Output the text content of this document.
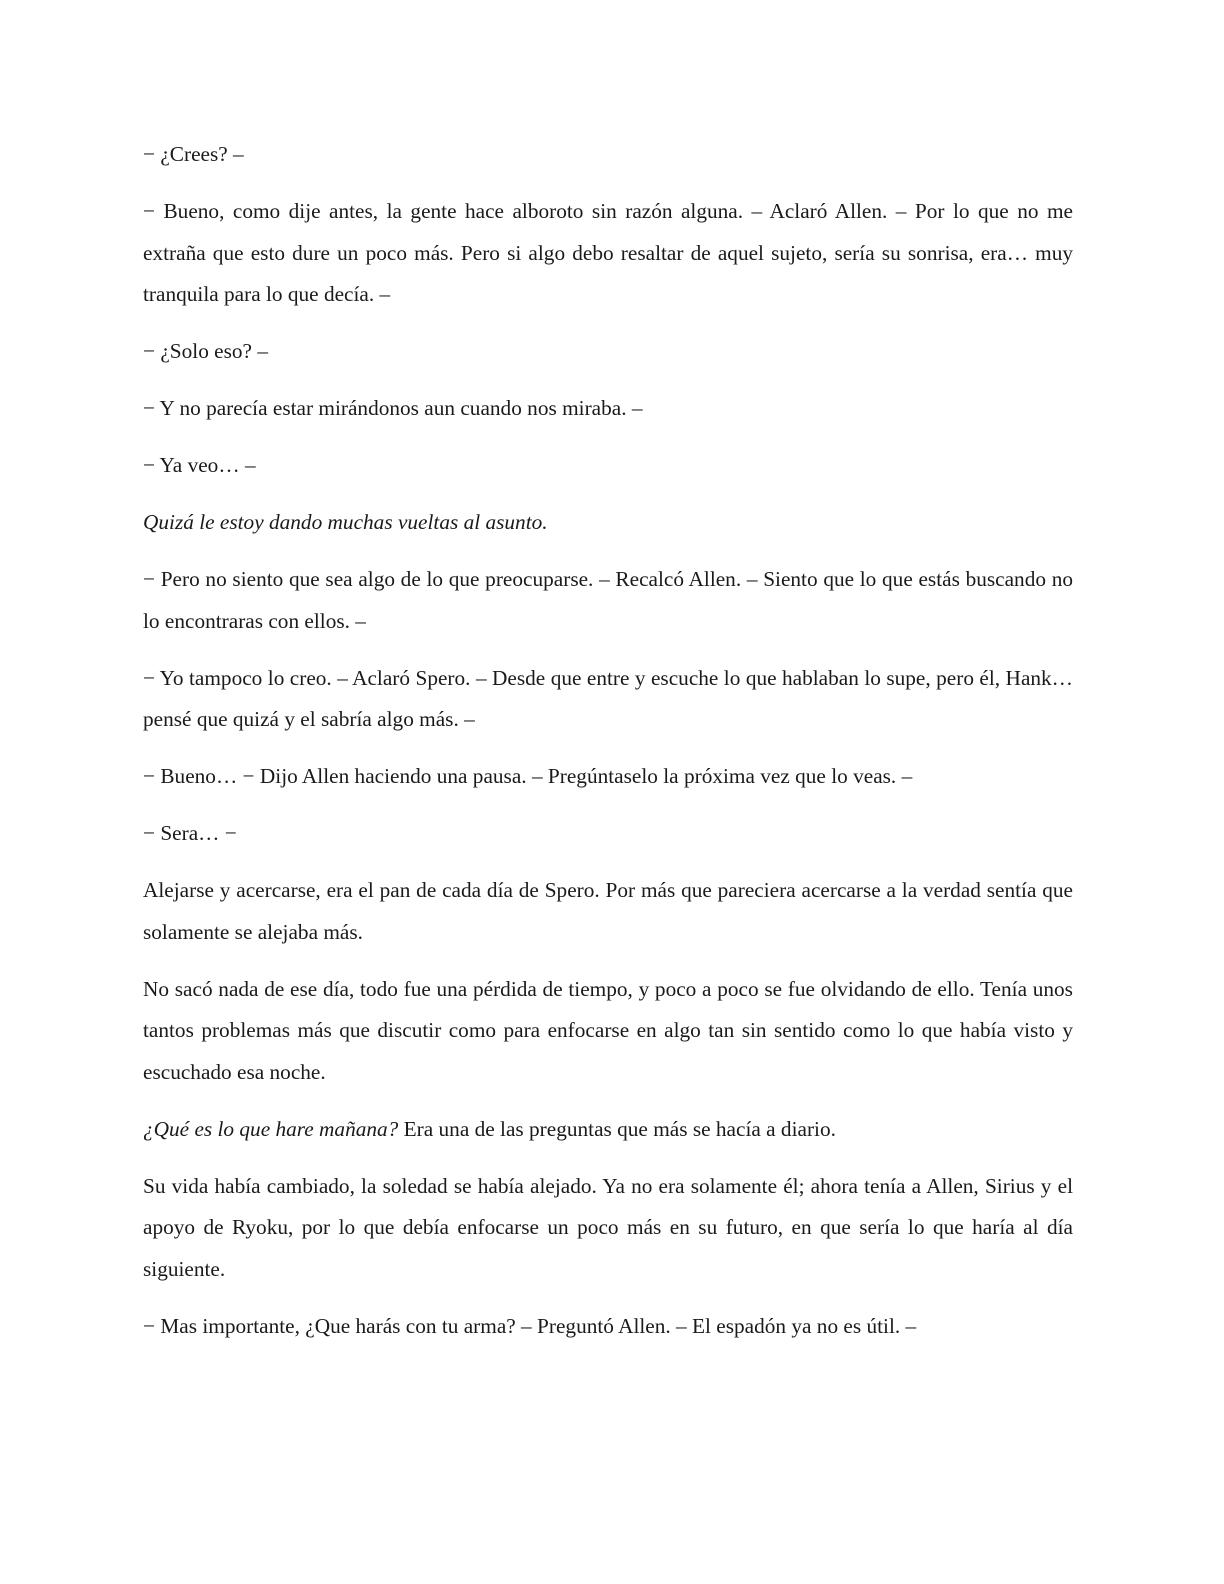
− ¿Crees? –

− Bueno, como dije antes, la gente hace alboroto sin razón alguna. – Aclaró Allen. – Por lo que no me extraña que esto dure un poco más. Pero si algo debo resaltar de aquel sujeto, sería su sonrisa, era… muy tranquila para lo que decía. –

− ¿Solo eso? –

− Y no parecía estar mirándonos aun cuando nos miraba. –

− Ya veo… –

Quizá le estoy dando muchas vueltas al asunto.

− Pero no siento que sea algo de lo que preocuparse. – Recalcó Allen. – Siento que lo que estás buscando no lo encontraras con ellos. –

− Yo tampoco lo creo. – Aclaró Spero. – Desde que entre y escuche lo que hablaban lo supe, pero él, Hank… pensé que quizá y el sabría algo más. –

− Bueno… − Dijo Allen haciendo una pausa. – Pregúntaselo la próxima vez que lo veas. –

− Sera… −

Alejarse y acercarse, era el pan de cada día de Spero. Por más que pareciera acercarse a la verdad sentía que solamente se alejaba más.

No sacó nada de ese día, todo fue una pérdida de tiempo, y poco a poco se fue olvidando de ello. Tenía unos tantos problemas más que discutir como para enfocarse en algo tan sin sentido como lo que había visto y escuchado esa noche.

¿Qué es lo que hare mañana? Era una de las preguntas que más se hacía a diario.

Su vida había cambiado, la soledad se había alejado. Ya no era solamente él; ahora tenía a Allen, Sirius y el apoyo de Ryoku, por lo que debía enfocarse un poco más en su futuro, en que sería lo que haría al día siguiente.

− Mas importante, ¿Que harás con tu arma? – Preguntó Allen. – El espadón ya no es útil. –
